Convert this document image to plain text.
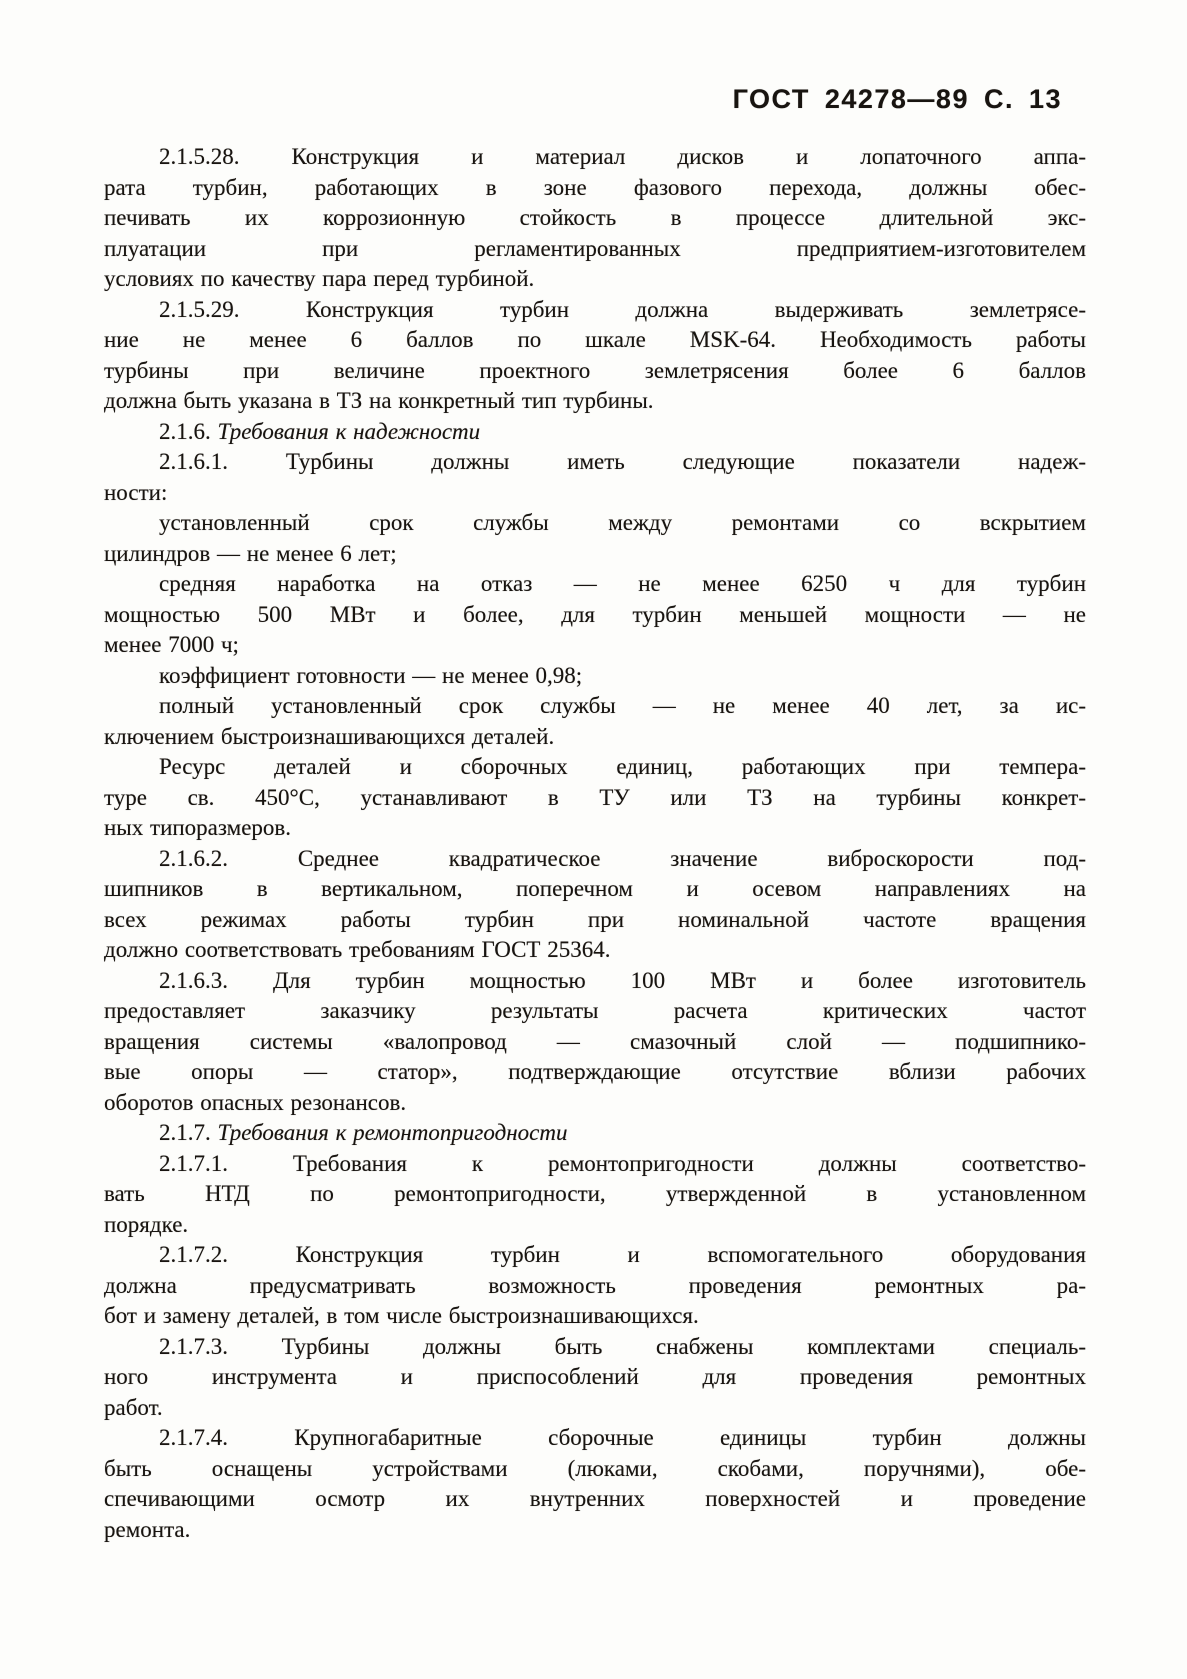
ГОСТ 24278—89 С. 13
2.1.5.28. Конструкция и материал дисков и лопаточного аппа-
рата турбин, работающих в зоне фазового перехода, должны обес-
печивать их коррозионную стойкость в процессе длительной экс-
плуатации при регламентированных предприятием-изготовителем
условиях по качеству пара перед турбиной.
2.1.5.29. Конструкция турбин должна выдерживать землетрясе-
ние не менее 6 баллов по шкале MSK-64. Необходимость работы
турбины при величине проектного землетрясения более 6 баллов
должна быть указана в ТЗ на конкретный тип турбины.
2.1.6. Требования к надежности
2.1.6.1. Турбины должны иметь следующие показатели надеж-
ности:
установленный срок службы между ремонтами со вскрытием
цилиндров — не менее 6 лет;
средняя наработка на отказ — не менее 6250 ч для турбин
мощностью 500 МВт и более, для турбин меньшей мощности — не
менее 7000 ч;
коэффициент готовности — не менее 0,98;
полный установленный срок службы — не менее 40 лет, за ис-
ключением быстроизнашивающихся деталей.
Ресурс деталей и сборочных единиц, работающих при темпера-
туре св. 450°С, устанавливают в ТУ или ТЗ на турбины конкрет-
ных типоразмеров.
2.1.6.2. Среднее квадратическое значение виброскорости под-
шипников в вертикальном, поперечном и осевом направлениях на
всех режимах работы турбин при номинальной частоте вращения
должно соответствовать требованиям ГОСТ 25364.
2.1.6.3. Для турбин мощностью 100 МВт и более изготовитель
предоставляет заказчику результаты расчета критических частот
вращения системы «валопровод — смазочный слой — подшипнико-
вые опоры — статор», подтверждающие отсутствие вблизи рабочих
оборотов опасных резонансов.
2.1.7. Требования к ремонтопригодности
2.1.7.1. Требования к ремонтопригодности должны соответство-
вать НТД по ремонтопригодности, утвержденной в установленном
порядке.
2.1.7.2. Конструкция турбин и вспомогательного оборудования
должна предусматривать возможность проведения ремонтных ра-
бот и замену деталей, в том числе быстроизнашивающихся.
2.1.7.3. Турбины должны быть снабжены комплектами специаль-
ного инструмента и приспособлений для проведения ремонтных
работ.
2.1.7.4. Крупногабаритные сборочные единицы турбин должны
быть оснащены устройствами (люками, скобами, поручнями), обе-
спечивающими осмотр их внутренних поверхностей и проведение
ремонта.
